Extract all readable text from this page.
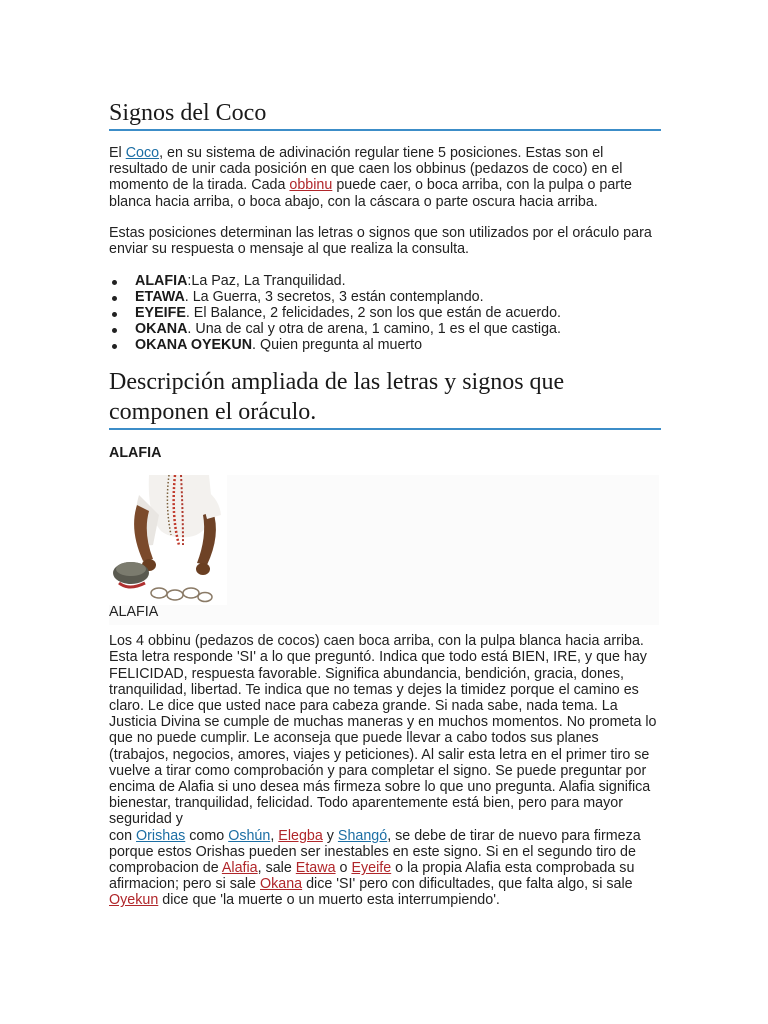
Signos del Coco

El Coco, en su sistema de adivinación regular tiene 5 posiciones. Estas son el resultado de unir cada posición en que caen los obbinus (pedazos de coco) en el momento de la tirada. Cada obbinu puede caer, o boca arriba, con la pulpa o parte blanca hacia arriba, o boca abajo, con la cáscara o parte oscura hacia arriba.

Estas posiciones determinan las letras o signos que son utilizados por el oráculo para enviar su respuesta o mensaje al que realiza la consulta.

ALAFIA:La Paz, La Tranquilidad.
ETAWA. La Guerra, 3 secretos, 3 están contemplando.
EYEIFE. El Balance, 2 felicidades, 2 son los que están de acuerdo.
OKANA. Una de cal y otra de arena, 1 camino, 1 es el que castiga.
OKANA OYEKUN. Quien pregunta al muerto
Descripción ampliada de las letras y signos que componen el oráculo.
ALAFIA
ALAFIA

Los 4 obbinu (pedazos de cocos) caen boca arriba, con la pulpa blanca hacia arriba. Esta letra responde 'SI' a lo que preguntó. Indica que todo está BIEN, IRE, y que hay FELICIDAD, respuesta favorable. Significa abundancia, bendición, gracia, dones, tranquilidad, libertad. Te indica que no temas y dejes la timidez porque el camino es claro. Le dice que usted nace para cabeza grande. Si nada sabe, nada tema. La Justicia Divina se cumple de muchas maneras y en muchos momentos. No prometa lo que no puede cumplir. Le aconseja que puede llevar a cabo todos sus planes (trabajos, negocios, amores, viajes y peticiones). Al salir esta letra en el primer tiro se vuelve a tirar como comprobación y para completar el signo. Se puede preguntar por encima de Alafia si uno desea más firmeza sobre lo que uno pregunta. Alafia significa bienestar, tranquilidad, felicidad. Todo aparentemente está bien, pero para mayor seguridad y
con Orishas como Oshún, Elegba y Shangó, se debe de tirar de nuevo para firmeza porque estos Orishas pueden ser inestables en este signo. Si en el segundo tiro de comprobacion de Alafia, sale Etawa o Eyeife o la propia Alafia esta comprobada su afirmacion; pero si sale Okana dice 'SI' pero con dificultades, que falta algo, si sale Oyekun dice que 'la muerte o un muerto esta interrumpiendo'.
